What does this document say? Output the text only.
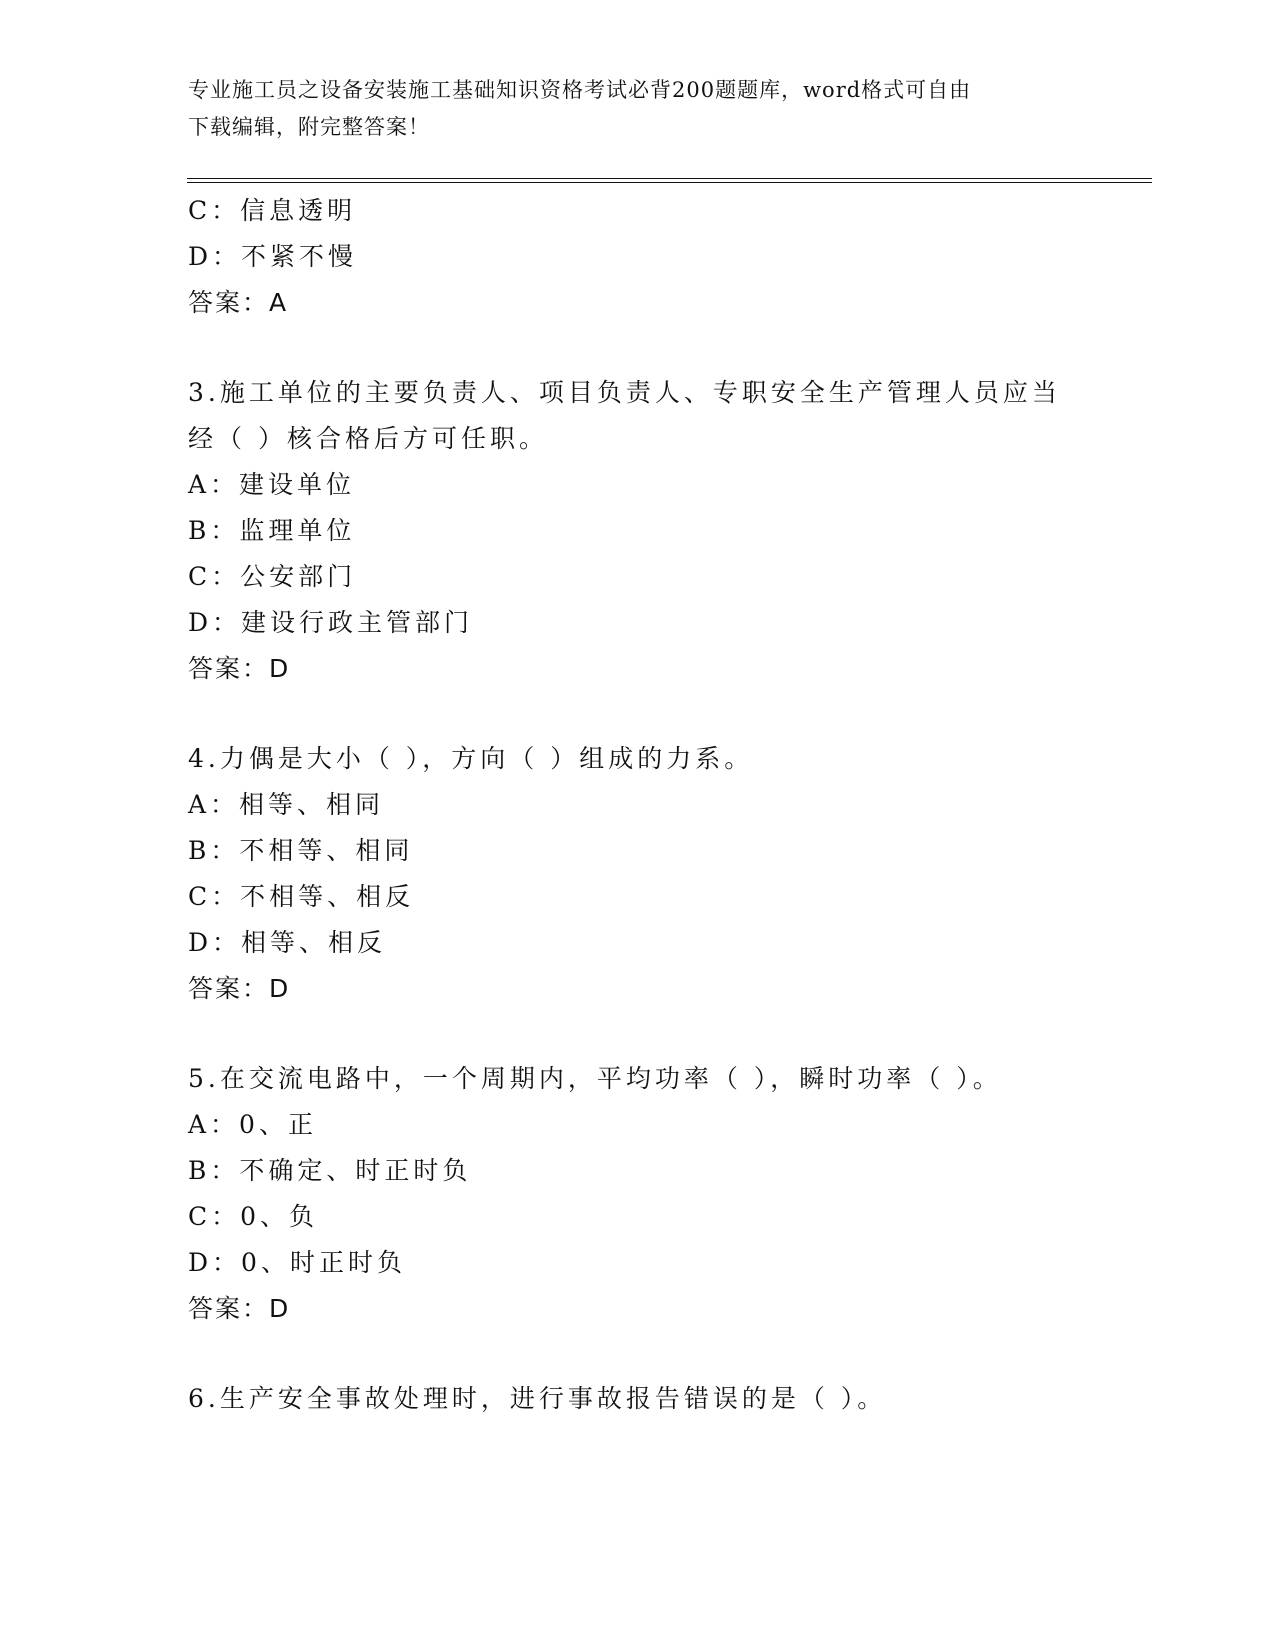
专业施工员之设备安装施工基础知识资格考试必背200题题库，word格式可自由
下载编辑，附完整答案！
C：信息透明
D：不紧不慢
答案：A
3.施工单位的主要负责人、项目负责人、专职安全生产管理人员应当
经（ ）核合格后方可任职。
A：建设单位
B：监理单位
C：公安部门
D：建设行政主管部门
答案：D
4.力偶是大小（ ），方向（ ）组成的力系。
A：相等、相同
B：不相等、相同
C：不相等、相反
D：相等、相反
答案：D
5.在交流电路中，一个周期内，平均功率（ ），瞬时功率（ ）。
A：0、正
B：不确定、时正时负
C：0、负
D：0、时正时负
答案：D
6.生产安全事故处理时，进行事故报告错误的是（ ）。
